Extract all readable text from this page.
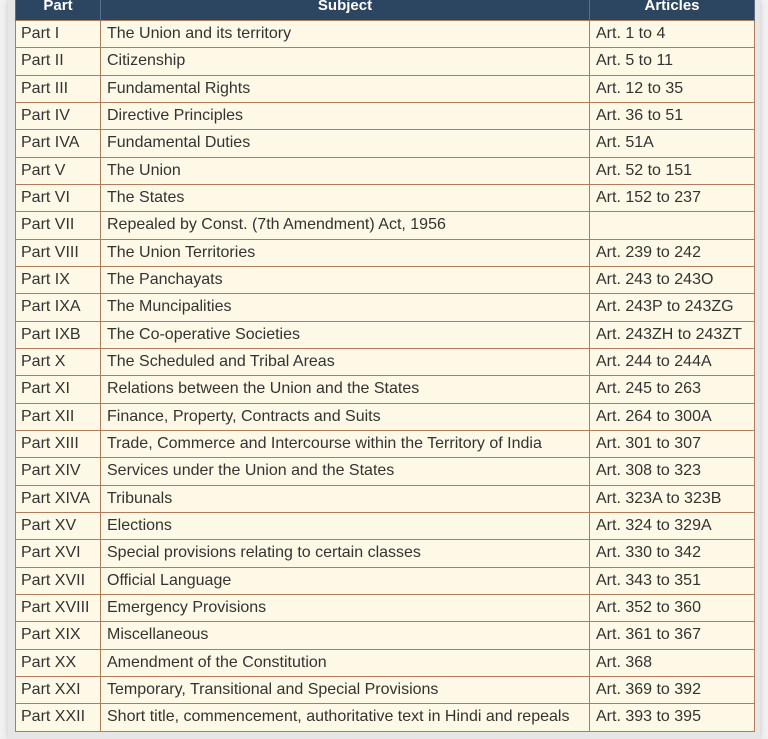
Part	Subject	Articles
Part I	The Union and its territory	Art. 1 to 4
Part II	Citizenship	Art. 5 to 11
Part III	Fundamental Rights	Art. 12 to 35
Part IV	Directive Principles	Art. 36 to 51
Part IVA	Fundamental Duties	Art. 51A
Part V	The Union	Art. 52 to 151
Part VI	The States	Art. 152 to 237
Part VII	Repealed by Const. (7th Amendment) Act, 1956	
Part VIII	The Union Territories	Art. 239 to 242
Part IX	The Panchayats	Art. 243 to 243O
Part IXA	The Muncipalities	Art. 243P to 243ZG
Part IXB	The Co-operative Societies	Art. 243ZH to 243ZT
Part X	The Scheduled and Tribal Areas	Art. 244 to 244A
Part XI	Relations between the Union and the States	Art. 245 to 263
Part XII	Finance, Property, Contracts and Suits	Art. 264 to 300A
Part XIII	Trade, Commerce and Intercourse within the Territory of India	Art. 301 to 307
Part XIV	Services under the Union and the States	Art. 308 to 323
Part XIVA	Tribunals	Art. 323A to 323B
Part XV	Elections	Art. 324 to 329A
Part XVI	Special provisions relating to certain classes	Art. 330 to 342
Part XVII	Official Language	Art. 343 to 351
Part XVIII	Emergency Provisions	Art. 352 to 360
Part XIX	Miscellaneous	Art. 361 to 367
Part XX	Amendment of the Constitution	Art. 368
Part XXI	Temporary, Transitional and Special Provisions	Art. 369 to 392
Part XXII	Short title, commencement, authoritative text in Hindi and repeals	Art. 393 to 395
